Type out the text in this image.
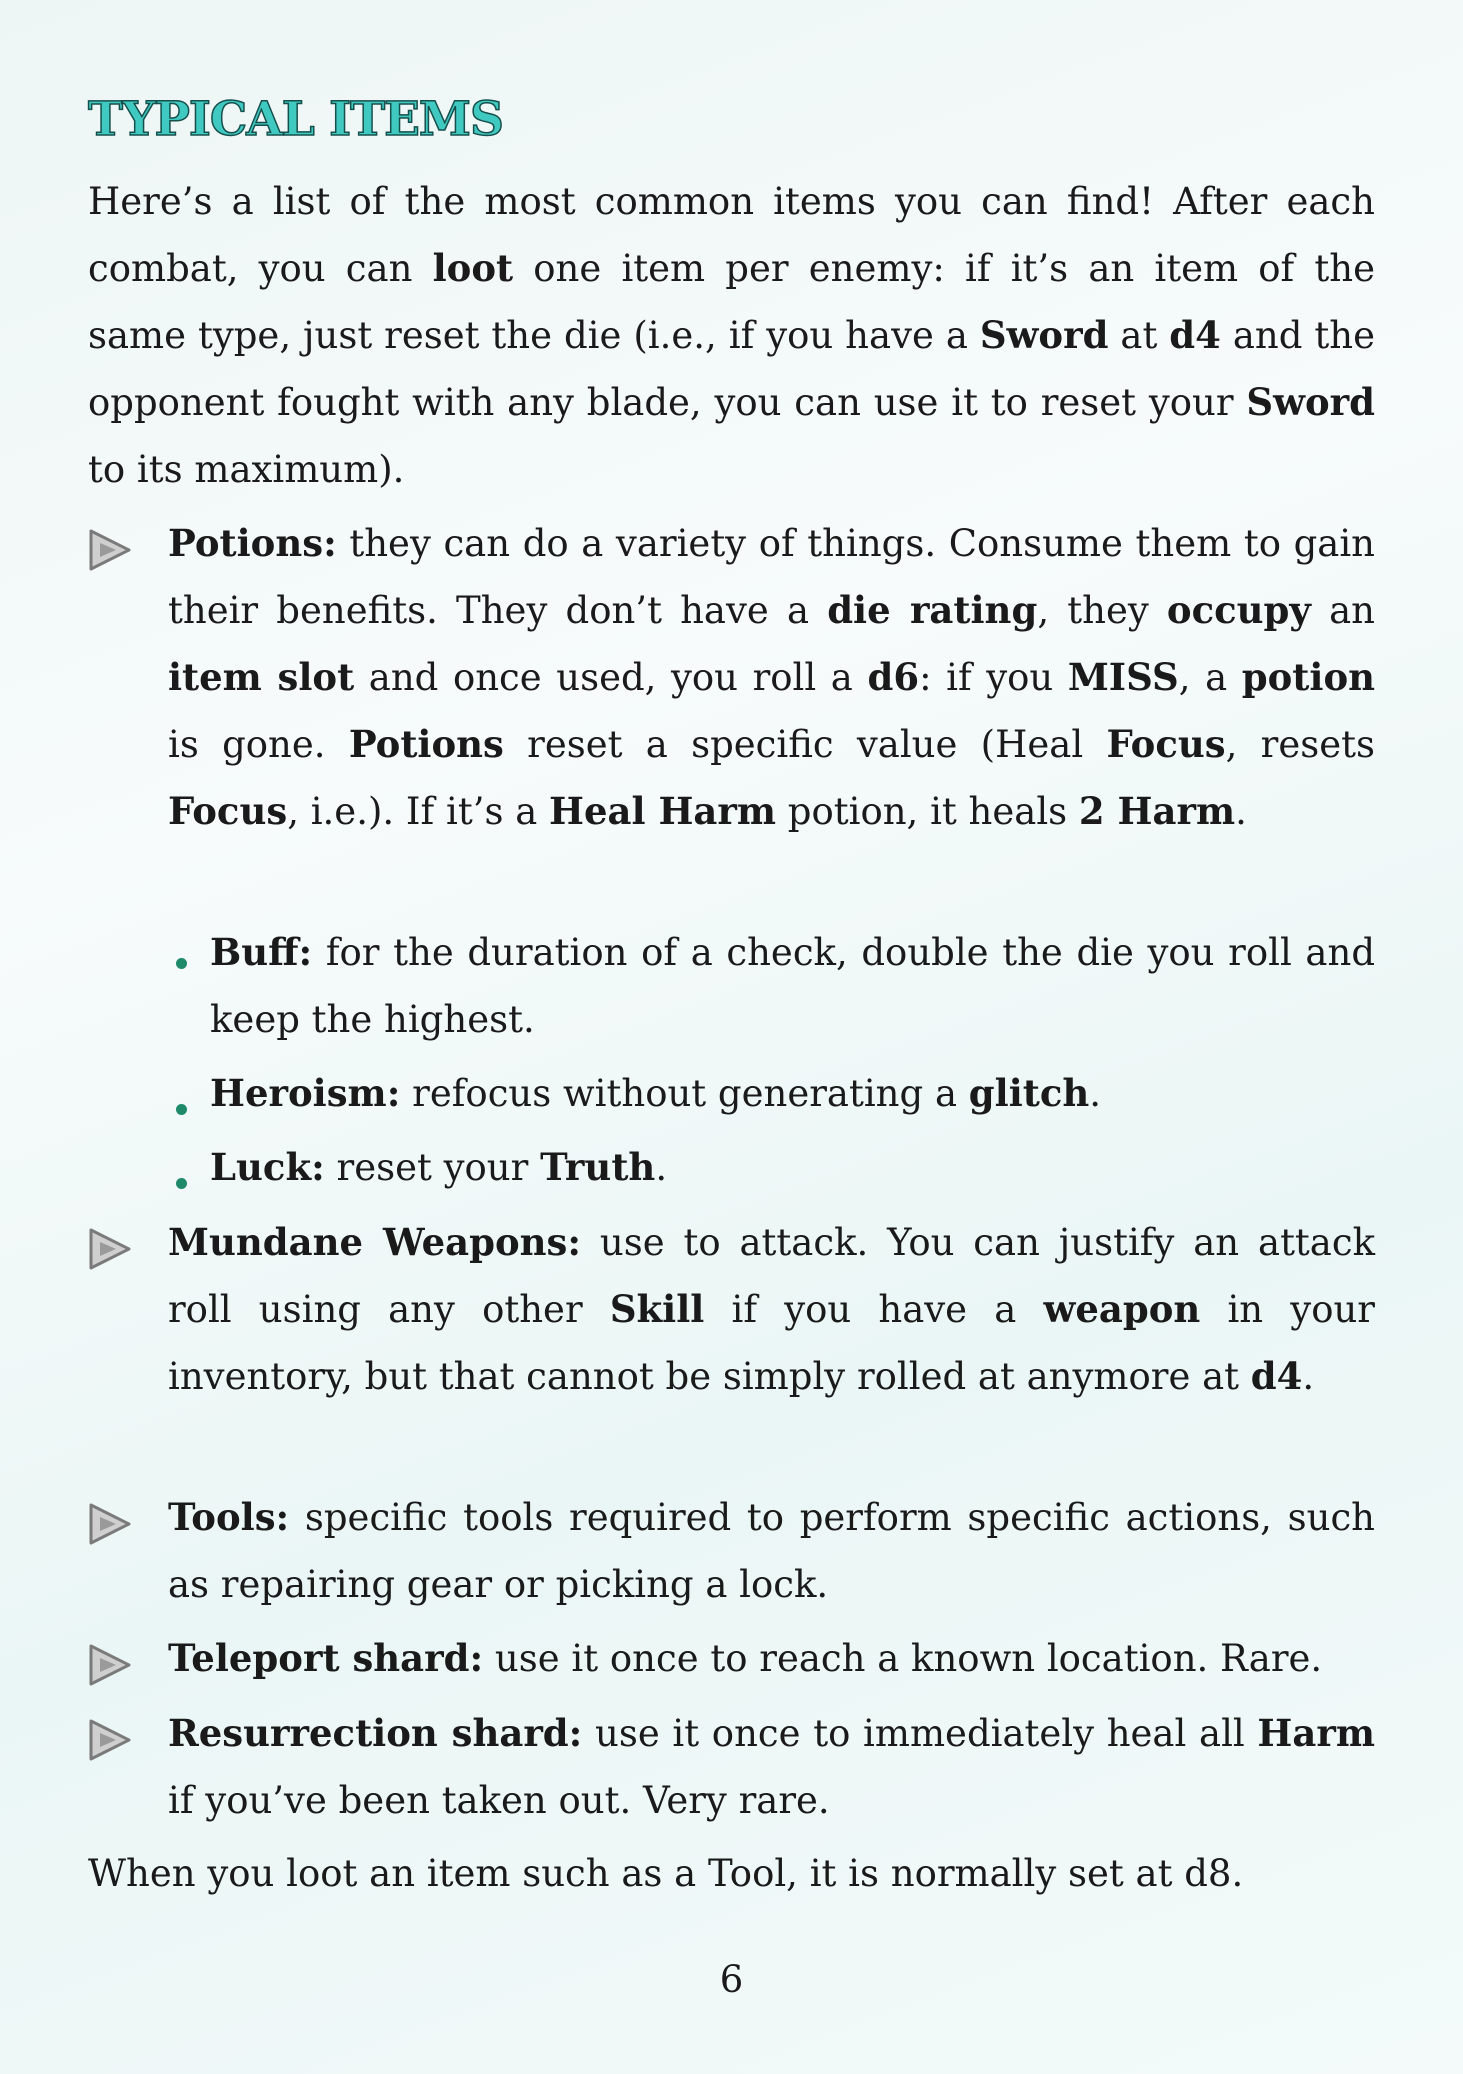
TYPICAL ITEMS

Here’s a list of the most common items you can find! After each combat, you can loot one item per enemy: if it’s an item of the same type, just reset the die (i.e., if you have a Sword at d4 and the opponent fought with any blade, you can use it to reset your Sword to its maximum).

Potions: they can do a variety of things. Consume them to gain their benefits. They don’t have a die rating, they occupy an item slot and once used, you roll a d6: if you MISS, a potion is gone. Potions reset a specific value (Heal Focus, resets Focus, i.e.). If it’s a Heal Harm potion, it heals 2 Harm.
Buff: for the duration of a check, double the die you roll and keep the highest.
Heroism: refocus without generating a glitch.
Luck: reset your Truth.
Mundane Weapons: use to attack. You can justify an attack roll using any other Skill if you have a weapon in your inventory, but that cannot be simply rolled at anymore at d4.
Tools: specific tools required to perform specific actions, such as repairing gear or picking a lock.
Teleport shard: use it once to reach a known location. Rare.
Resurrection shard: use it once to immediately heal all Harm if you’ve been taken out. Very rare.

When you loot an item such as a Tool, it is normally set at d8.

6
